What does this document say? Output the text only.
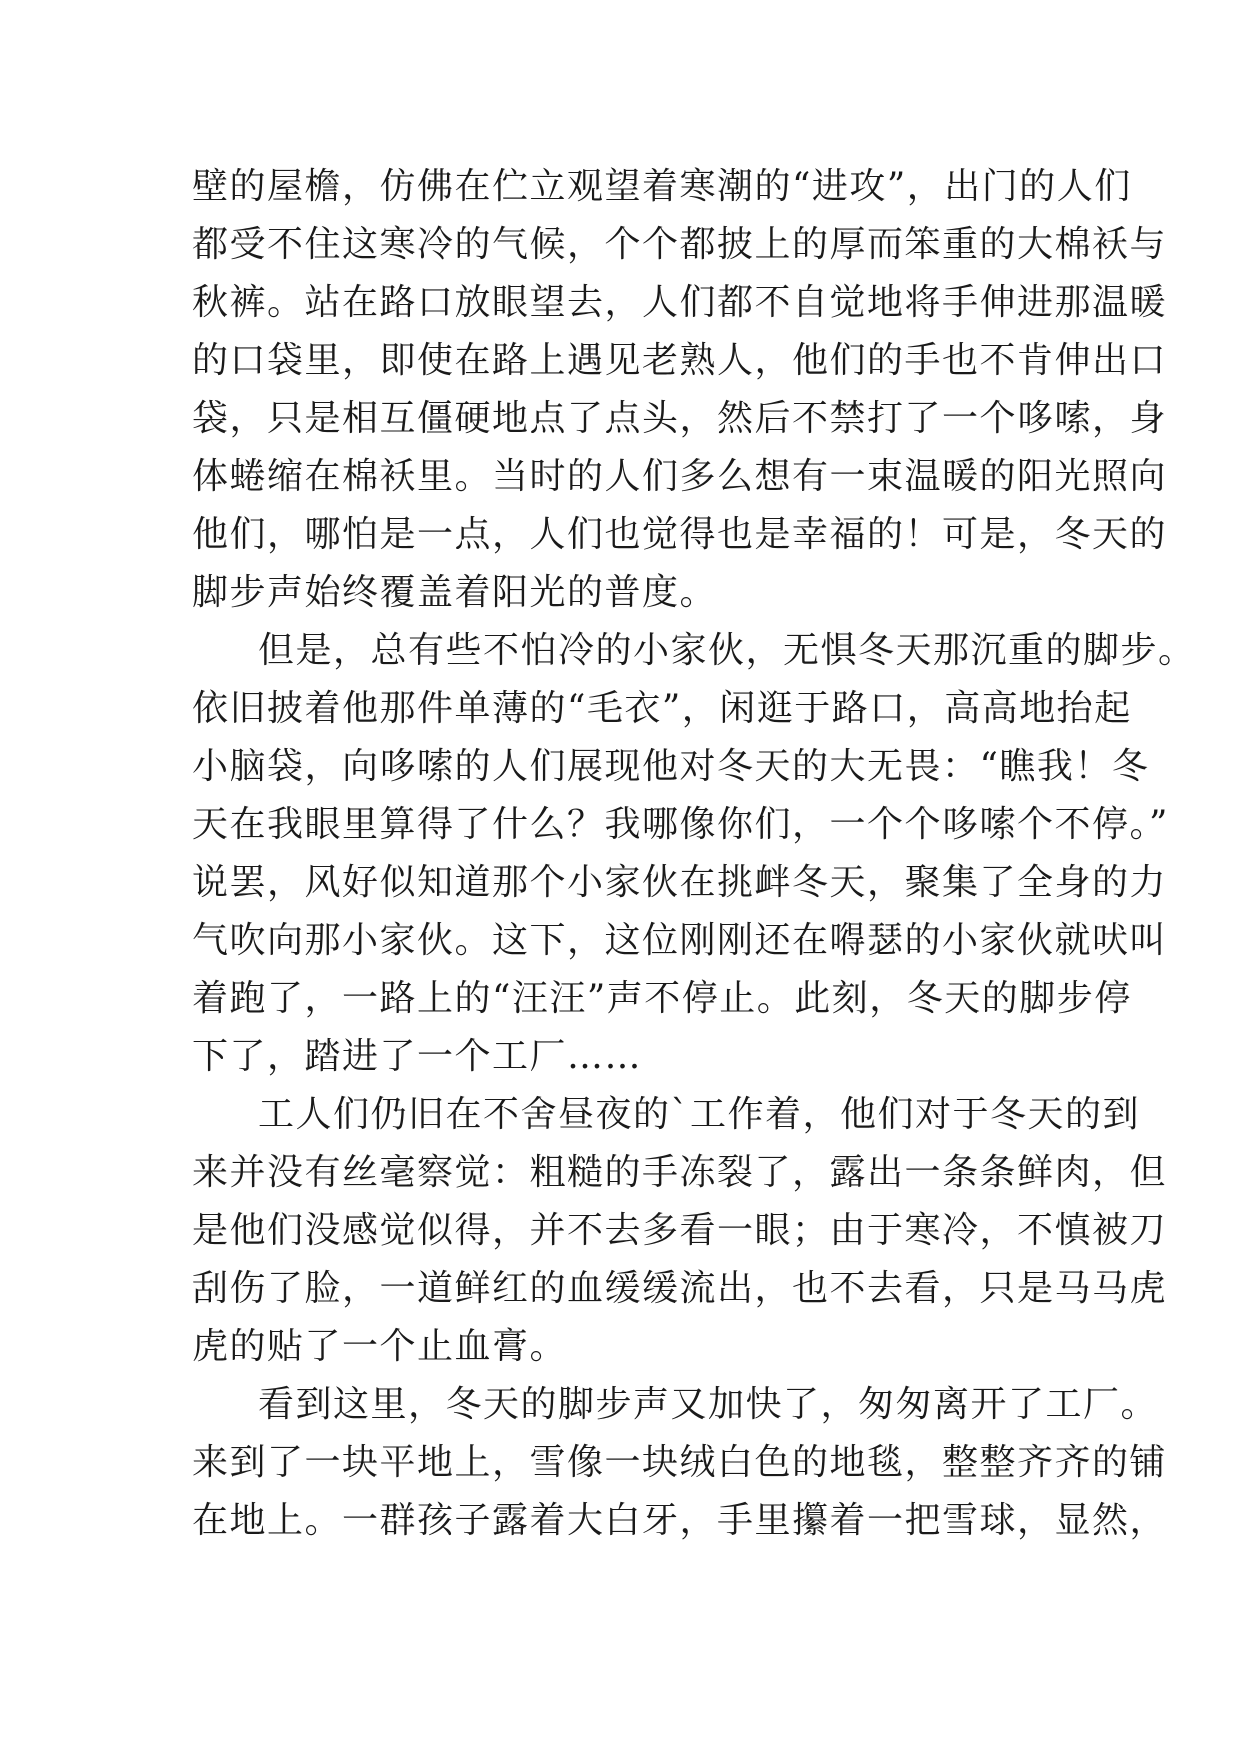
壁的屋檐，仿佛在伫立观望着寒潮的“进攻”，出门的人们
都受不住这寒冷的气候，个个都披上的厚而笨重的大棉袄与
秋裤。站在路口放眼望去，人们都不自觉地将手伸进那温暖
的口袋里，即使在路上遇见老熟人，他们的手也不肯伸出口
袋，只是相互僵硬地点了点头，然后不禁打了一个哆嗦，身
体蜷缩在棉袄里。当时的人们多么想有一束温暖的阳光照向
他们，哪怕是一点，人们也觉得也是幸福的！可是，冬天的
脚步声始终覆盖着阳光的普度。
但是，总有些不怕冷的小家伙，无惧冬天那沉重的脚步。
依旧披着他那件单薄的“毛衣”，闲逛于路口，高高地抬起
小脑袋，向哆嗦的人们展现他对冬天的大无畏：“瞧我！冬
天在我眼里算得了什么？我哪像你们，一个个哆嗦个不停。”
说罢，风好似知道那个小家伙在挑衅冬天，聚集了全身的力
气吹向那小家伙。这下，这位刚刚还在嘚瑟的小家伙就吠叫
着跑了，一路上的“汪汪”声不停止。此刻，冬天的脚步停
下了，踏进了一个工厂……
工人们仍旧在不舍昼夜的`工作着，他们对于冬天的到
来并没有丝毫察觉：粗糙的手冻裂了，露出一条条鲜肉，但
是他们没感觉似得，并不去多看一眼；由于寒冷，不慎被刀
刮伤了脸，一道鲜红的血缓缓流出，也不去看，只是马马虎
虎的贴了一个止血膏。
看到这里，冬天的脚步声又加快了，匆匆离开了工厂。
来到了一块平地上，雪像一块绒白色的地毯，整整齐齐的铺
在地上。一群孩子露着大白牙，手里攥着一把雪球，显然，
